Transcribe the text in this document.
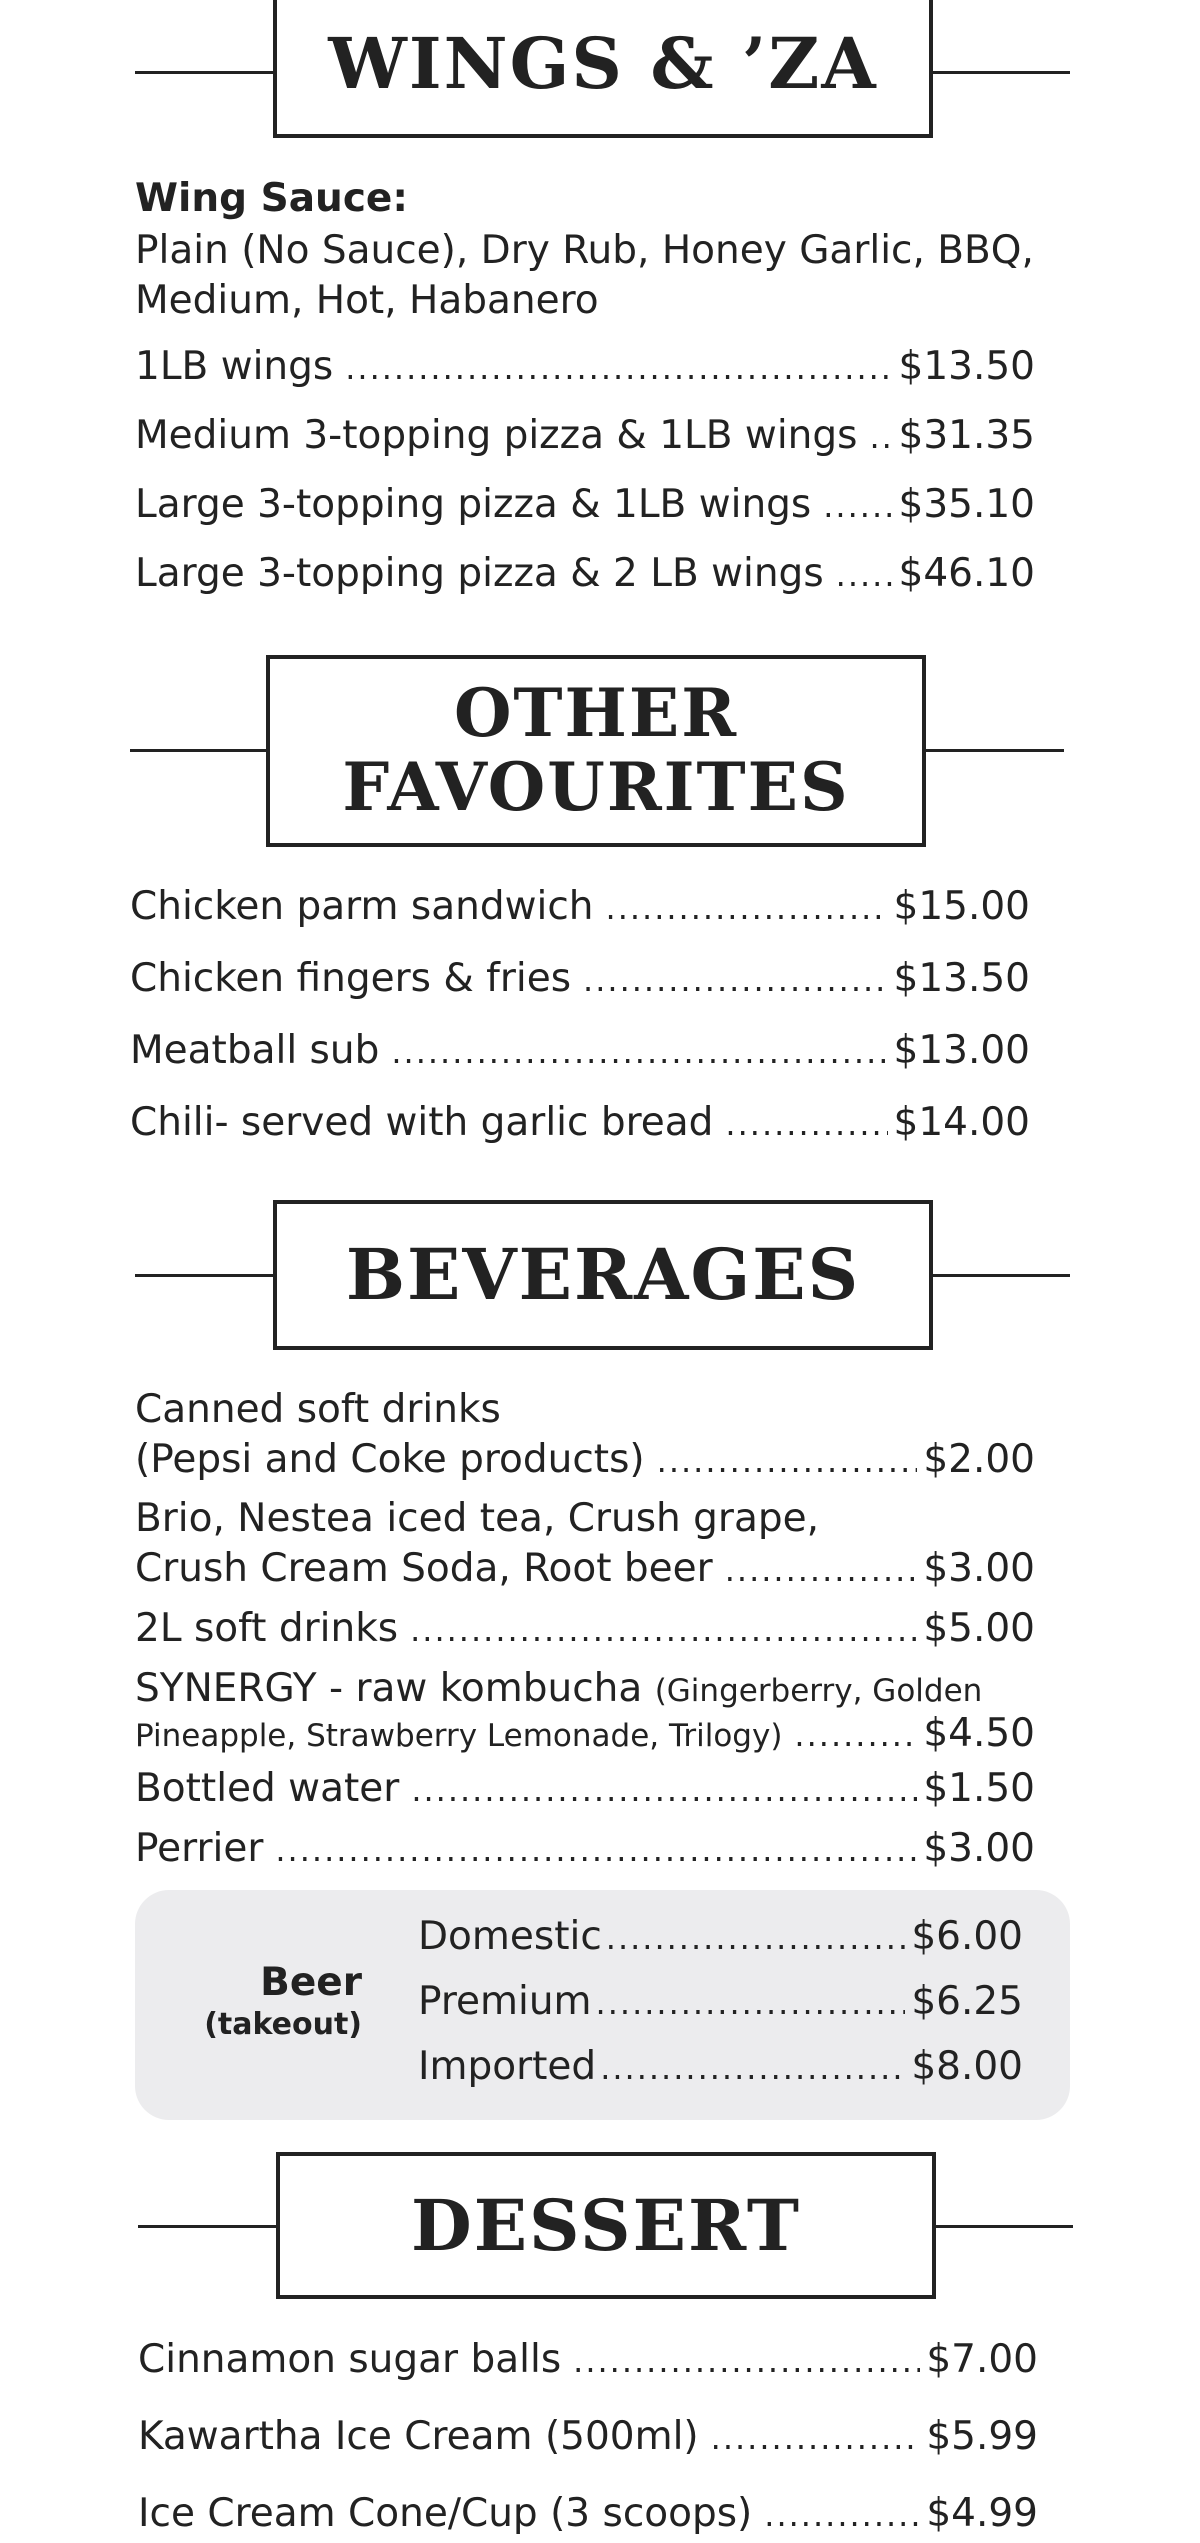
WINGS & ’ZA
Wing Sauce:
Plain (No Sauce), Dry Rub, Honey Garlic, BBQ,
Medium, Hot, Habanero
1LB wings .....	$13.50
Medium 3-topping pizza & 1LB wings ..... $31.35
Large 3-topping pizza & 1LB wings ..... $35.10
Large 3-topping pizza & 2 LB wings ..... $46.10
OTHER
FAVOURITES
Chicken parm sandwich .....	$15.00
Chicken fingers & fries .....	$13.50
Meatball sub .....	$13.00
Chili- served with garlic bread .....	$14.00
BEVERAGES
Canned soft drinks
(Pepsi and Coke products) .....	$2.00
Brio, Nestea iced tea, Crush grape,
Crush Cream Soda, Root beer .....	$3.00
2L soft drinks .....	$5.00
SYNERGY - raw kombucha (Gingerberry, Golden
Pineapple, Strawberry Lemonade, Trilogy) .....	$4.50
Bottled water .....	$1.50
Perrier .....	$3.00
Beer
(takeout)
Domestic .....	$6.00
Premium .....	$6.25
Imported .....	$8.00
DESSERT
Cinnamon sugar balls .....	$7.00
Kawartha Ice Cream (500ml) .....	$5.99
Ice Cream Cone/Cup (3 scoops) .....	$4.99
